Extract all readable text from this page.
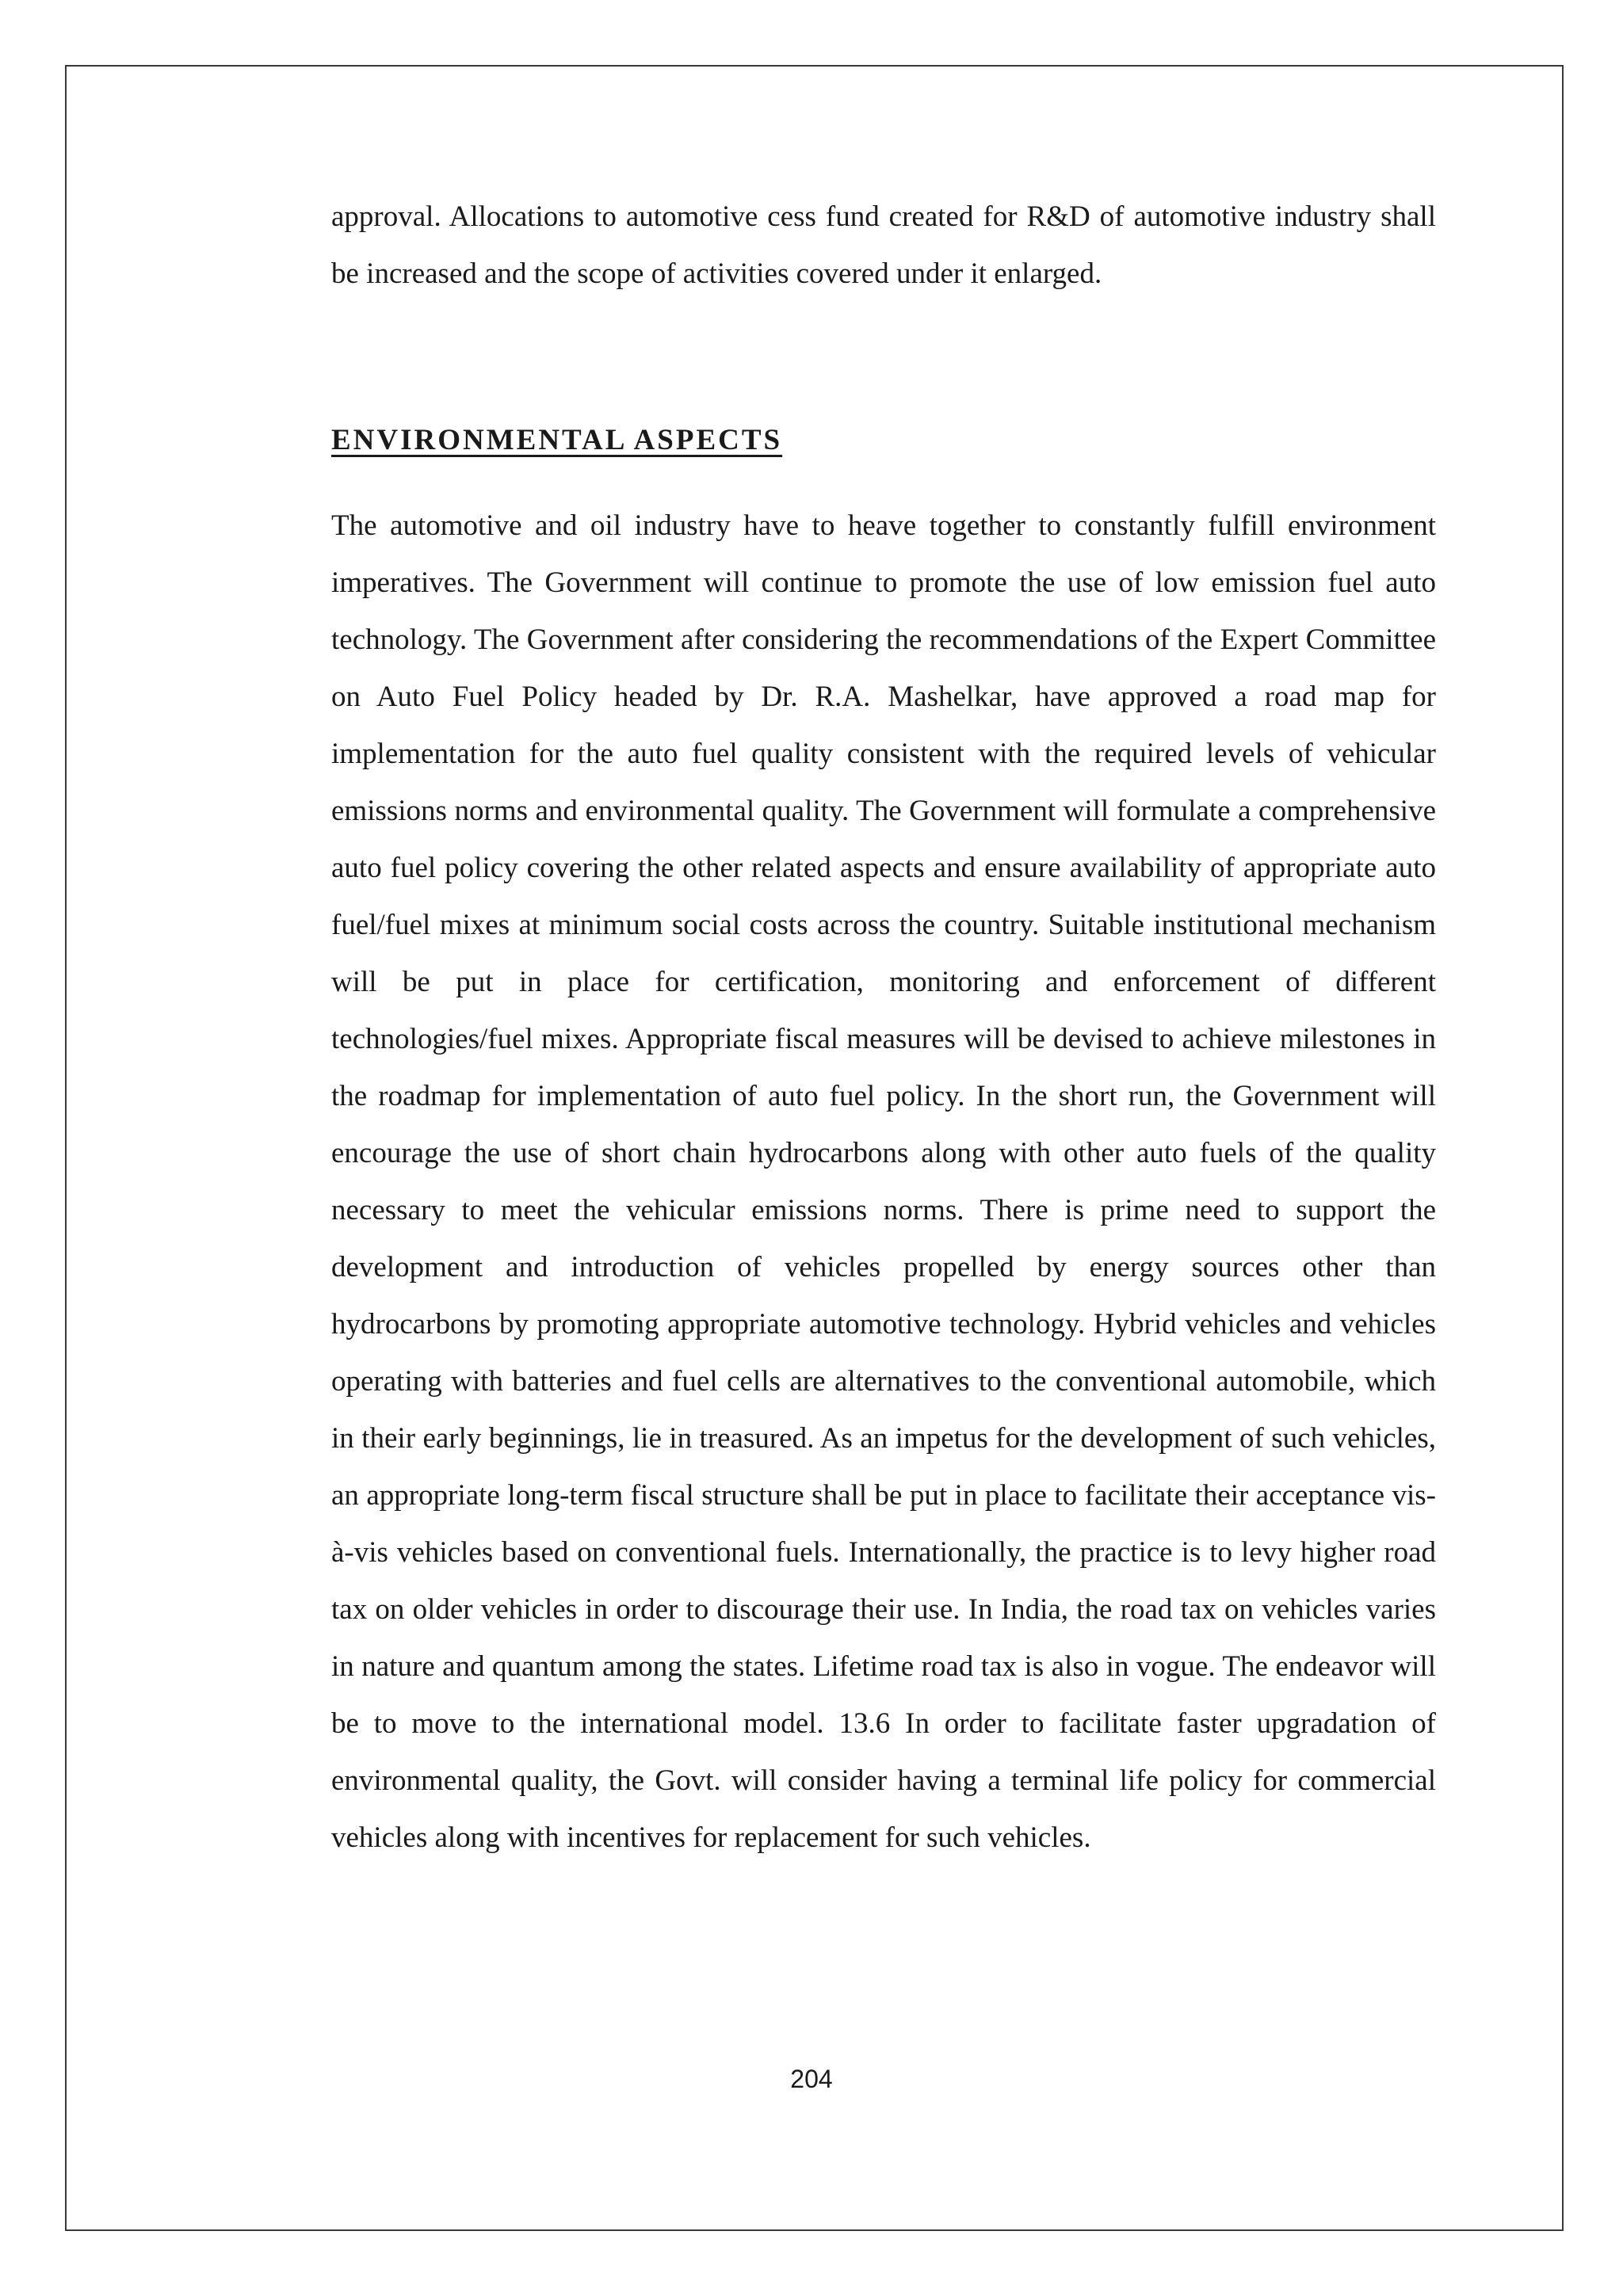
approval. Allocations to automotive cess fund created for R&D of automotive industry shall be increased and the scope of activities covered under it enlarged.

ENVIRONMENTAL ASPECTS

The automotive and oil industry have to heave together to constantly fulfill environment imperatives. The Government will continue to promote the use of low emission fuel auto technology. The Government after considering the recommendations of the Expert Committee on Auto Fuel Policy headed by Dr. R.A. Mashelkar, have approved a road map for implementation for the auto fuel quality consistent with the required levels of vehicular emissions norms and environmental quality. The Government will formulate a comprehensive auto fuel policy covering the other related aspects and ensure availability of appropriate auto fuel/fuel mixes at minimum social costs across the country. Suitable institutional mechanism will be put in place for certification, monitoring and enforcement of different technologies/fuel mixes. Appropriate fiscal measures will be devised to achieve milestones in the roadmap for implementation of auto fuel policy. In the short run, the Government will encourage the use of short chain hydrocarbons along with other auto fuels of the quality necessary to meet the vehicular emissions norms. There is prime need to support the development and introduction of vehicles propelled by energy sources other than hydrocarbons by promoting appropriate automotive technology. Hybrid vehicles and vehicles operating with batteries and fuel cells are alternatives to the conventional automobile, which in their early beginnings, lie in treasured. As an impetus for the development of such vehicles, an appropriate long-term fiscal structure shall be put in place to facilitate their acceptance vis-à-vis vehicles based on conventional fuels. Internationally, the practice is to levy higher road tax on older vehicles in order to discourage their use. In India, the road tax on vehicles varies in nature and quantum among the states. Lifetime road tax is also in vogue. The endeavor will be to move to the international model. 13.6 In order to facilitate faster upgradation of environmental quality, the Govt. will consider having a terminal life policy for commercial vehicles along with incentives for replacement for such vehicles.

204
